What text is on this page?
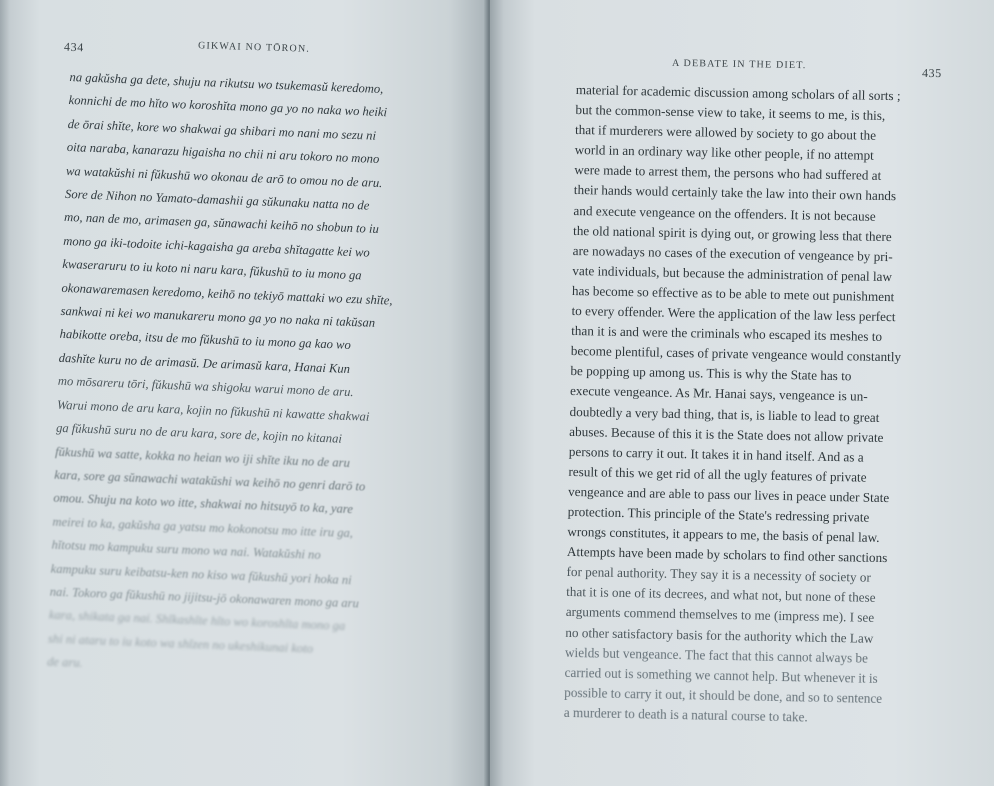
434	GIKWAI NO TŌRON.
na gakŭsha ga dete, shuju na rikutsu wo tsukemasŭ keredomo,
konnichi de mo hĭto wo koroshĭta mono ga yo no naka wo heiki
de ōrai shĭte, kore wo shakwai ga shibari mo nani mo sezu ni
oita naraba, kanarazu higaisha no chii ni aru tokoro no mono
wa watakŭshi ni fŭkushū wo okonau de arō to omou no de aru.
Sore de Nihon no Yamato-damashii ga sŭkunaku natta no de
mo, nan de mo, arimasen ga, sŭnawachi keihō no shobun to iu
mono ga iki-todoite ichi-kagaisha ga areba shĭtagatte kei wo
kwaseraruru to iu koto ni naru kara, fŭkushū to iu mono ga
okonawaremasen keredomo, keihō no tekiyō mattaki wo ezu shĭte,
sankwai ni kei wo manukareru mono ga yo no naka ni takŭsan
habikotte oreba, itsu de mo fŭkushū to iu mono ga kao wo
dashĭte kuru no de arimasŭ. De arimasŭ kara, Hanai Kun
mo mōsareru tōri, fŭkushū wa shigoku warui mono de aru.
Warui mono de aru kara, kojin no fŭkushū ni kawatte shakwai
ga fŭkushū suru no de aru kara, sore de, kojin no kitanai
fŭkushū wa satte, kokka no heian wo iji shĭte iku no de aru
kara, sore ga sŭnawachi watakŭshi wa keihō no genri darō to
omou. Shuju na koto wo itte, shakwai no hitsuyō to ka, yare
meirei to ka, gakŭsha ga yatsu mo kokonotsu mo itte iru ga,
hĭtotsu mo kampuku suru mono wa nai. Watakŭshi no
kampuku suru keibatsu-ken no kiso wa fŭkushū yori hoka ni
nai. Tokoro ga fŭkushū no jijitsu-jō okonawaren mono ga aru
kara, shikata ga nai. Shĭkashĭte hĭto wo koroshĭta mono ga
shi ni ataru to iu koto wa shĭzen no ukeshikunai koto
de aru.
A DEBATE IN THE DIET.
435
material for academic discussion among scholars of all sorts ;
but the common-sense view to take, it seems to me, is this,
that if murderers were allowed by society to go about the
world in an ordinary way like other people, if no attempt
were made to arrest them, the persons who had suffered at
their hands would certainly take the law into their own hands
and execute vengeance on the offenders. It is not because
the old national spirit is dying out, or growing less that there
are nowadays no cases of the execution of vengeance by pri-
vate individuals, but because the administration of penal law
has become so effective as to be able to mete out punishment
to every offender. Were the application of the law less perfect
than it is and were the criminals who escaped its meshes to
become plentiful, cases of private vengeance would constantly
be popping up among us. This is why the State has to
execute vengeance. As Mr. Hanai says, vengeance is un-
doubtedly a very bad thing, that is, is liable to lead to great
abuses. Because of this it is the State does not allow private
persons to carry it out. It takes it in hand itself. And as a
result of this we get rid of all the ugly features of private
vengeance and are able to pass our lives in peace under State
protection. This principle of the State's redressing private
wrongs constitutes, it appears to me, the basis of penal law.
Attempts have been made by scholars to find other sanctions
for penal authority. They say it is a necessity of society or
that it is one of its decrees, and what not, but none of these
arguments commend themselves to me (impress me). I see
no other satisfactory basis for the authority which the Law
wields but vengeance. The fact that this cannot always be
carried out is something we cannot help. But whenever it is
possible to carry it out, it should be done, and so to sentence
a murderer to death is a natural course to take.
